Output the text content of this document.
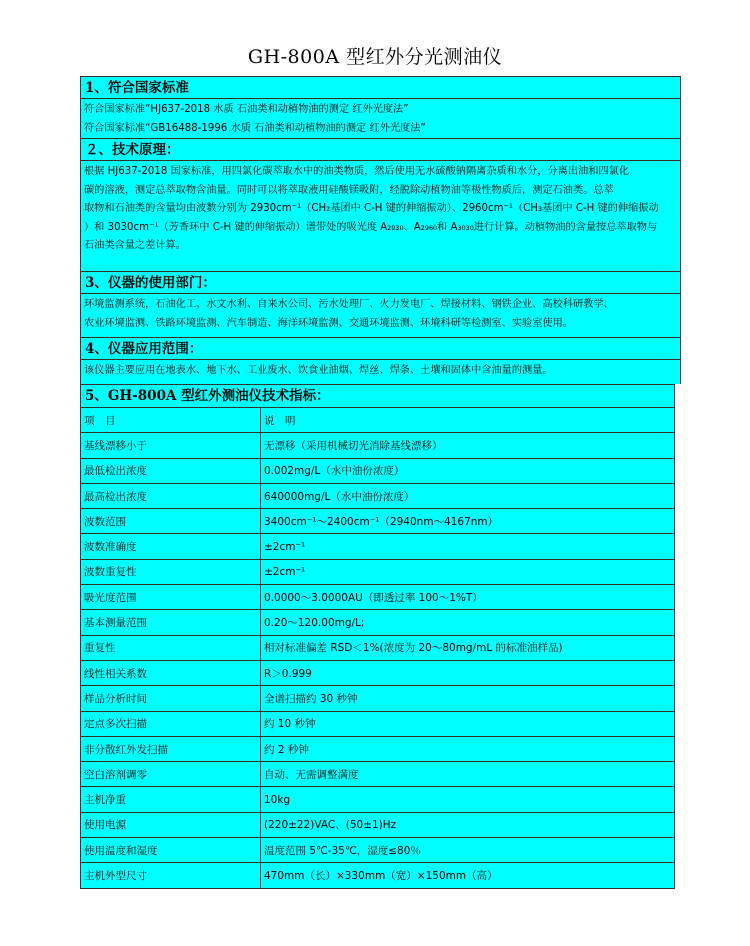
GH-800A 型红外分光测油仪
1、符合国家标准

符合国家标准“HJ637-2018 水质 石油类和动植物油的测定 红外光度法”

符合国家标准“GB16488-1996 水质 石油类和动植物油的测定 红外光度法”

２、技术原理：

根据 HJ637-2018 国家标准，用四氯化碳萃取水中的油类物质，然后使用无水硫酸钠隔离杂质和水分，分离出油和四氯化

碳的溶液，测定总萃取物含油量。同时可以将萃取液用硅酸镁吸附，经脱除动植物油等极性物质后，测定石油类。总萃

取物和石油类的含量均由波数分别为 2930cm⁻¹（CH₂基团中 C-H 键的伸缩振动）、2960cm⁻¹（CH₃基团中 C-H 键的伸缩振动

）和 3030cm⁻¹（芳香环中 C-H 键的伸缩振动）谱带处的吸光度 A₂₉₃₀、A₂₉₆₀和 A₃₀₃₀进行计算。动植物油的含量按总萃取物与

石油类含量之差计算。

3、仪器的使用部门：

环境监测系统，石油化工、水文水利、自来水公司、污水处理厂、火力发电厂、焊接材料、钢铁企业、高校科研教学、

农业环境监测、铁路环境监测、汽车制造、海洋环境监测、交通环境监测、环境科研等检测室、实验室使用。

4、仪器应用范围：

该仪器主要应用在地表水、地下水、工业废水、饮食业油烟、焊丝、焊条、土壤和固体中含油量的测量。

5、GH-800A 型红外测油仪技术指标：
项　目	说　明
基线漂移小于	无漂移（采用机械切光消除基线漂移）
最低检出浓度	0.002mg/L（水中油份浓度）
最高检出浓度	640000mg/L（水中油份浓度）
波数范围	3400cm⁻¹～2400cm⁻¹（2940nm～4167nm）
波数准确度	±2cm⁻¹
波数重复性	±2cm⁻¹
吸光度范围	0.0000～3.0000AU（即透过率 100～1%T）
基本测量范围	0.20～120.00mg/L;
重复性	相对标准偏差 RSD＜1%(浓度为 20～80mg/mL 的标准油样品)
线性相关系数	R＞0.999
样品分析时间	全谱扫描约 30 秒钟
定点多次扫描	约 10 秒钟
非分散红外发扫描	约 2 秒钟
空白溶剂调零	自动、无需调整满度
主机净重	10kg
使用电源	(220±22)VAC、(50±1)Hz
使用温度和湿度	温度范围 5℃-35℃，湿度≤80％
主机外型尺寸	470mm（长）×330mm（宽）×150mm（高）
